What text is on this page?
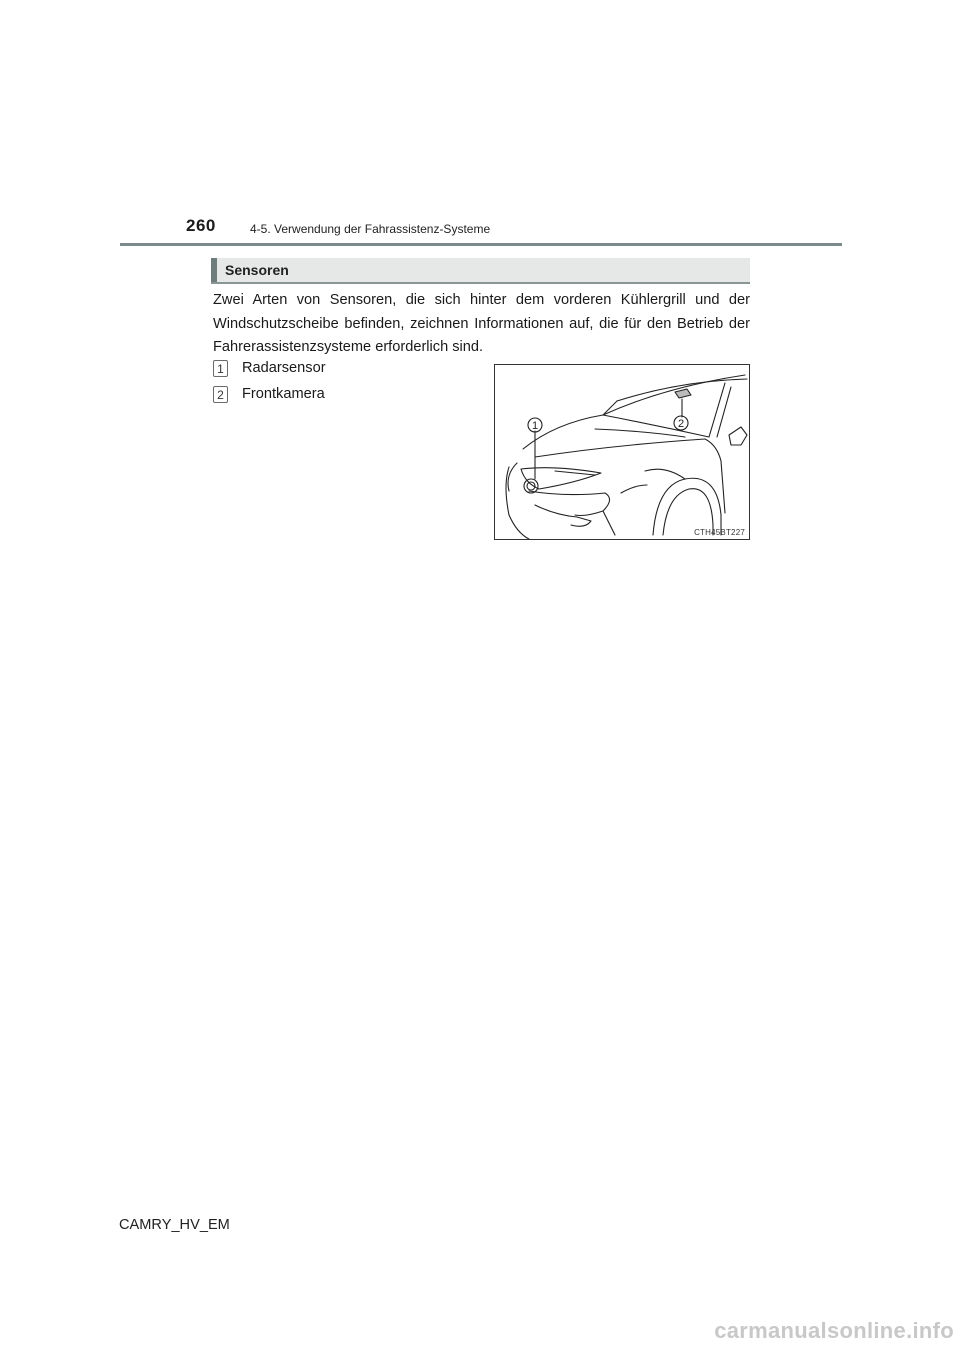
260	4-5. Verwendung der Fahrassistenz-Systeme
Sensoren
Zwei Arten von Sensoren, die sich hinter dem vorderen Kühlergrill und der Windschutzscheibe befinden, zeichnen Informationen auf, die für den Betrieb der Fahrerassistenzsysteme erforderlich sind.
1 Radarsensor
2 Frontkamera
1	2
CTH45BT227
CAMRY_HV_EM
carmanualsonline.info
